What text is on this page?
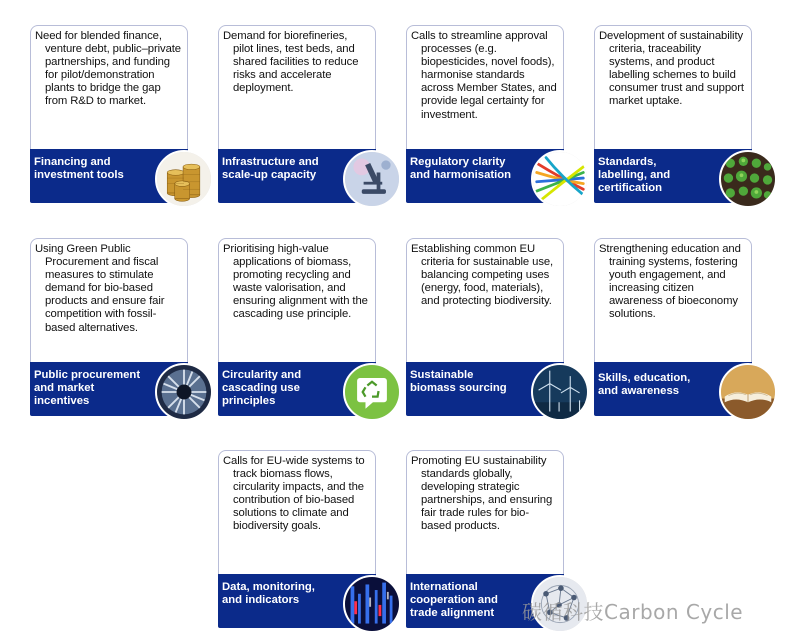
Need for blended finance, venture debt, public–private partnerships, and funding for pilot/demonstration plants to bridge the gap from R&D to market.
Financing and investment tools
Demand for biorefineries, pilot lines, test beds, and shared facilities to reduce risks and accelerate deployment.
Infrastructure and scale-up capacity
Calls to streamline approval processes (e.g. biopesticides, novel foods), harmonise standards across Member States, and provide legal certainty for investment.
Regulatory clarity and harmonisation
Development of sustainability criteria, traceability systems, and product labelling schemes to build consumer trust and support market uptake.
Standards, labelling, and certification
Using Green Public Procurement and fiscal measures to stimulate demand for bio-based products and ensure fair competition with fossil-based alternatives.
Public procurement and market incentives
Prioritising high-value applications of biomass, promoting recycling and waste valorisation, and ensuring alignment with the cascading use principle.
Circularity and cascading use principles
Establishing common EU criteria for sustainable use, balancing competing uses (energy, food, materials), and protecting biodiversity.
Sustainable biomass sourcing
Strengthening education and training systems, fostering youth engagement, and increasing citizen awareness of bioeconomy solutions.
Skills, education, and awareness
Calls for EU-wide systems to track biomass flows, circularity impacts, and the contribution of bio-based solutions to climate and biodiversity goals.
Data, monitoring, and indicators
Promoting EU sustainability standards globally, developing strategic partnerships, and ensuring fair trade rules for bio-based products.
International cooperation and trade alignment	碳循科技Carbon Cycle
